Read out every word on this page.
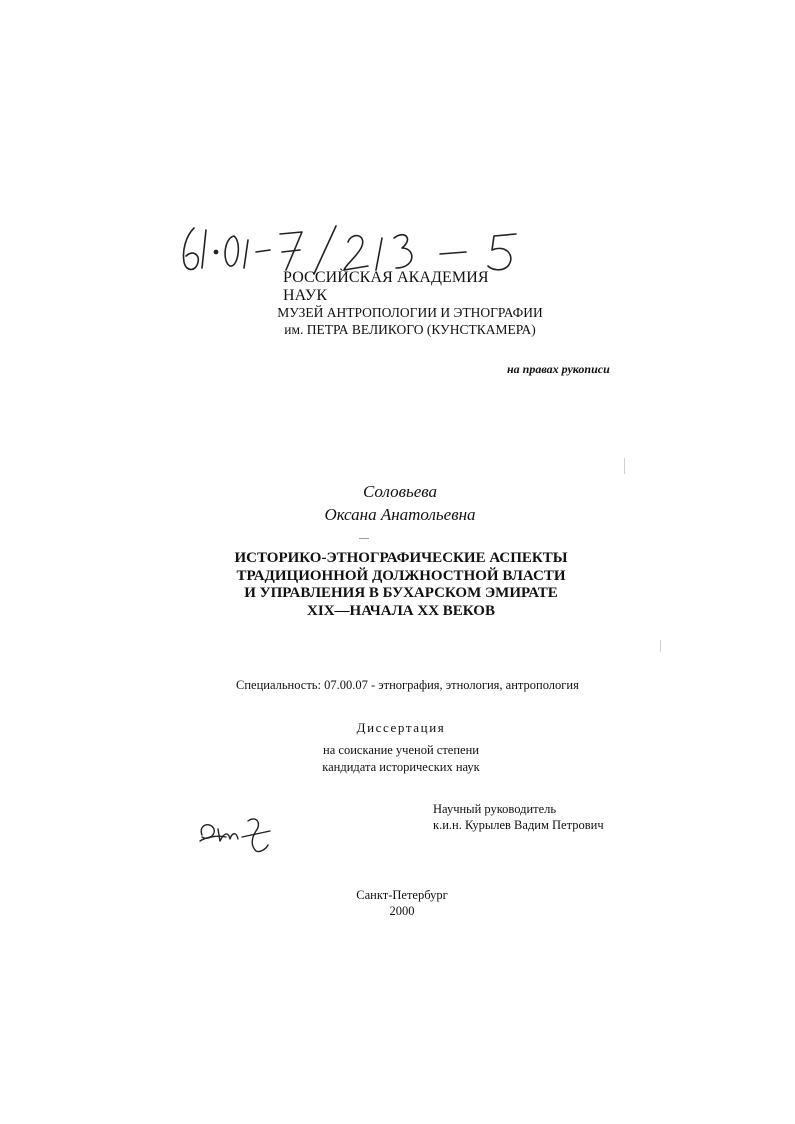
РОССИЙСКАЯ АКАДЕМИЯ НАУК
МУЗЕЙ АНТРОПОЛОГИИ И ЭТНОГРАФИИ
им. ПЕТРА ВЕЛИКОГО (КУНСТКАМЕРА)
на правах рукописи
Соловьева
Оксана Анатольевна
ИСТОРИКО-ЭТНОГРАФИЧЕСКИЕ АСПЕКТЫ
ТРАДИЦИОННОЙ ДОЛЖНОСТНОЙ ВЛАСТИ
И УПРАВЛЕНИЯ В БУХАРСКОМ ЭМИРАТЕ
XIX—НАЧАЛА XX ВЕКОВ
Специальность: 07.00.07 - этнография, этнология, антропология
Диссертация
на соискание ученой степени
кандидата исторических наук
Научный руководитель
к.и.н. Курылев Вадим Петрович
Санкт-Петербург
2000
